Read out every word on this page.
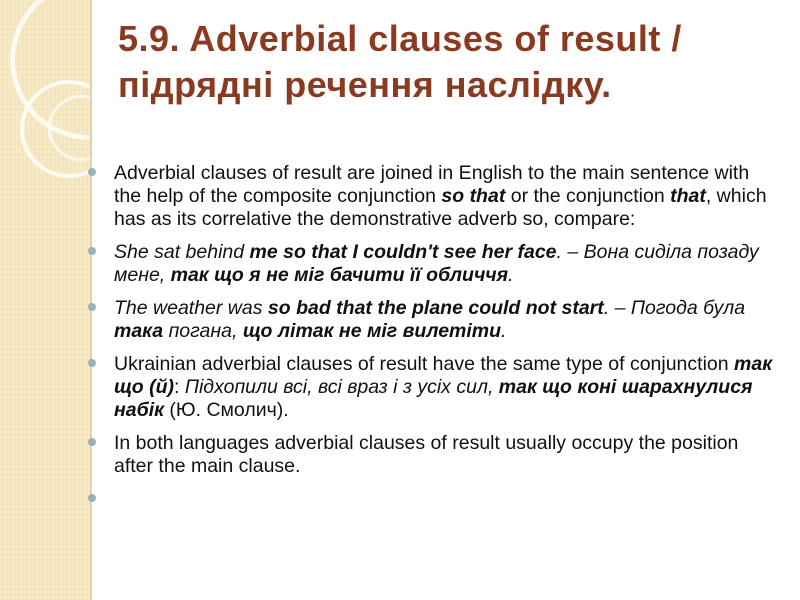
5.9. Adverbial clauses of result /
підрядні речення наслідку.
Adverbial clauses of result are joined in English to the main sentence with the help of the composite conjunction so that or the conjunction that, which has as its correlative the demonstrative adverb so, compare:
She sat behind me so that I couldn't see her face. – Вона сиділа позаду мене, так що я не міг бачити її обличчя.
The weather was so bad that the plane could not start. – Погода була така погана, що літак не міг вилетіти.
Ukrainian adverbial clauses of result have the same type of conjunction так що (й): Підхопили всі, всі враз і з усіх сил, так що коні шарахнулися набік (Ю. Смолич).
In both languages adverbial clauses of result usually occupy the position after the main clause.
